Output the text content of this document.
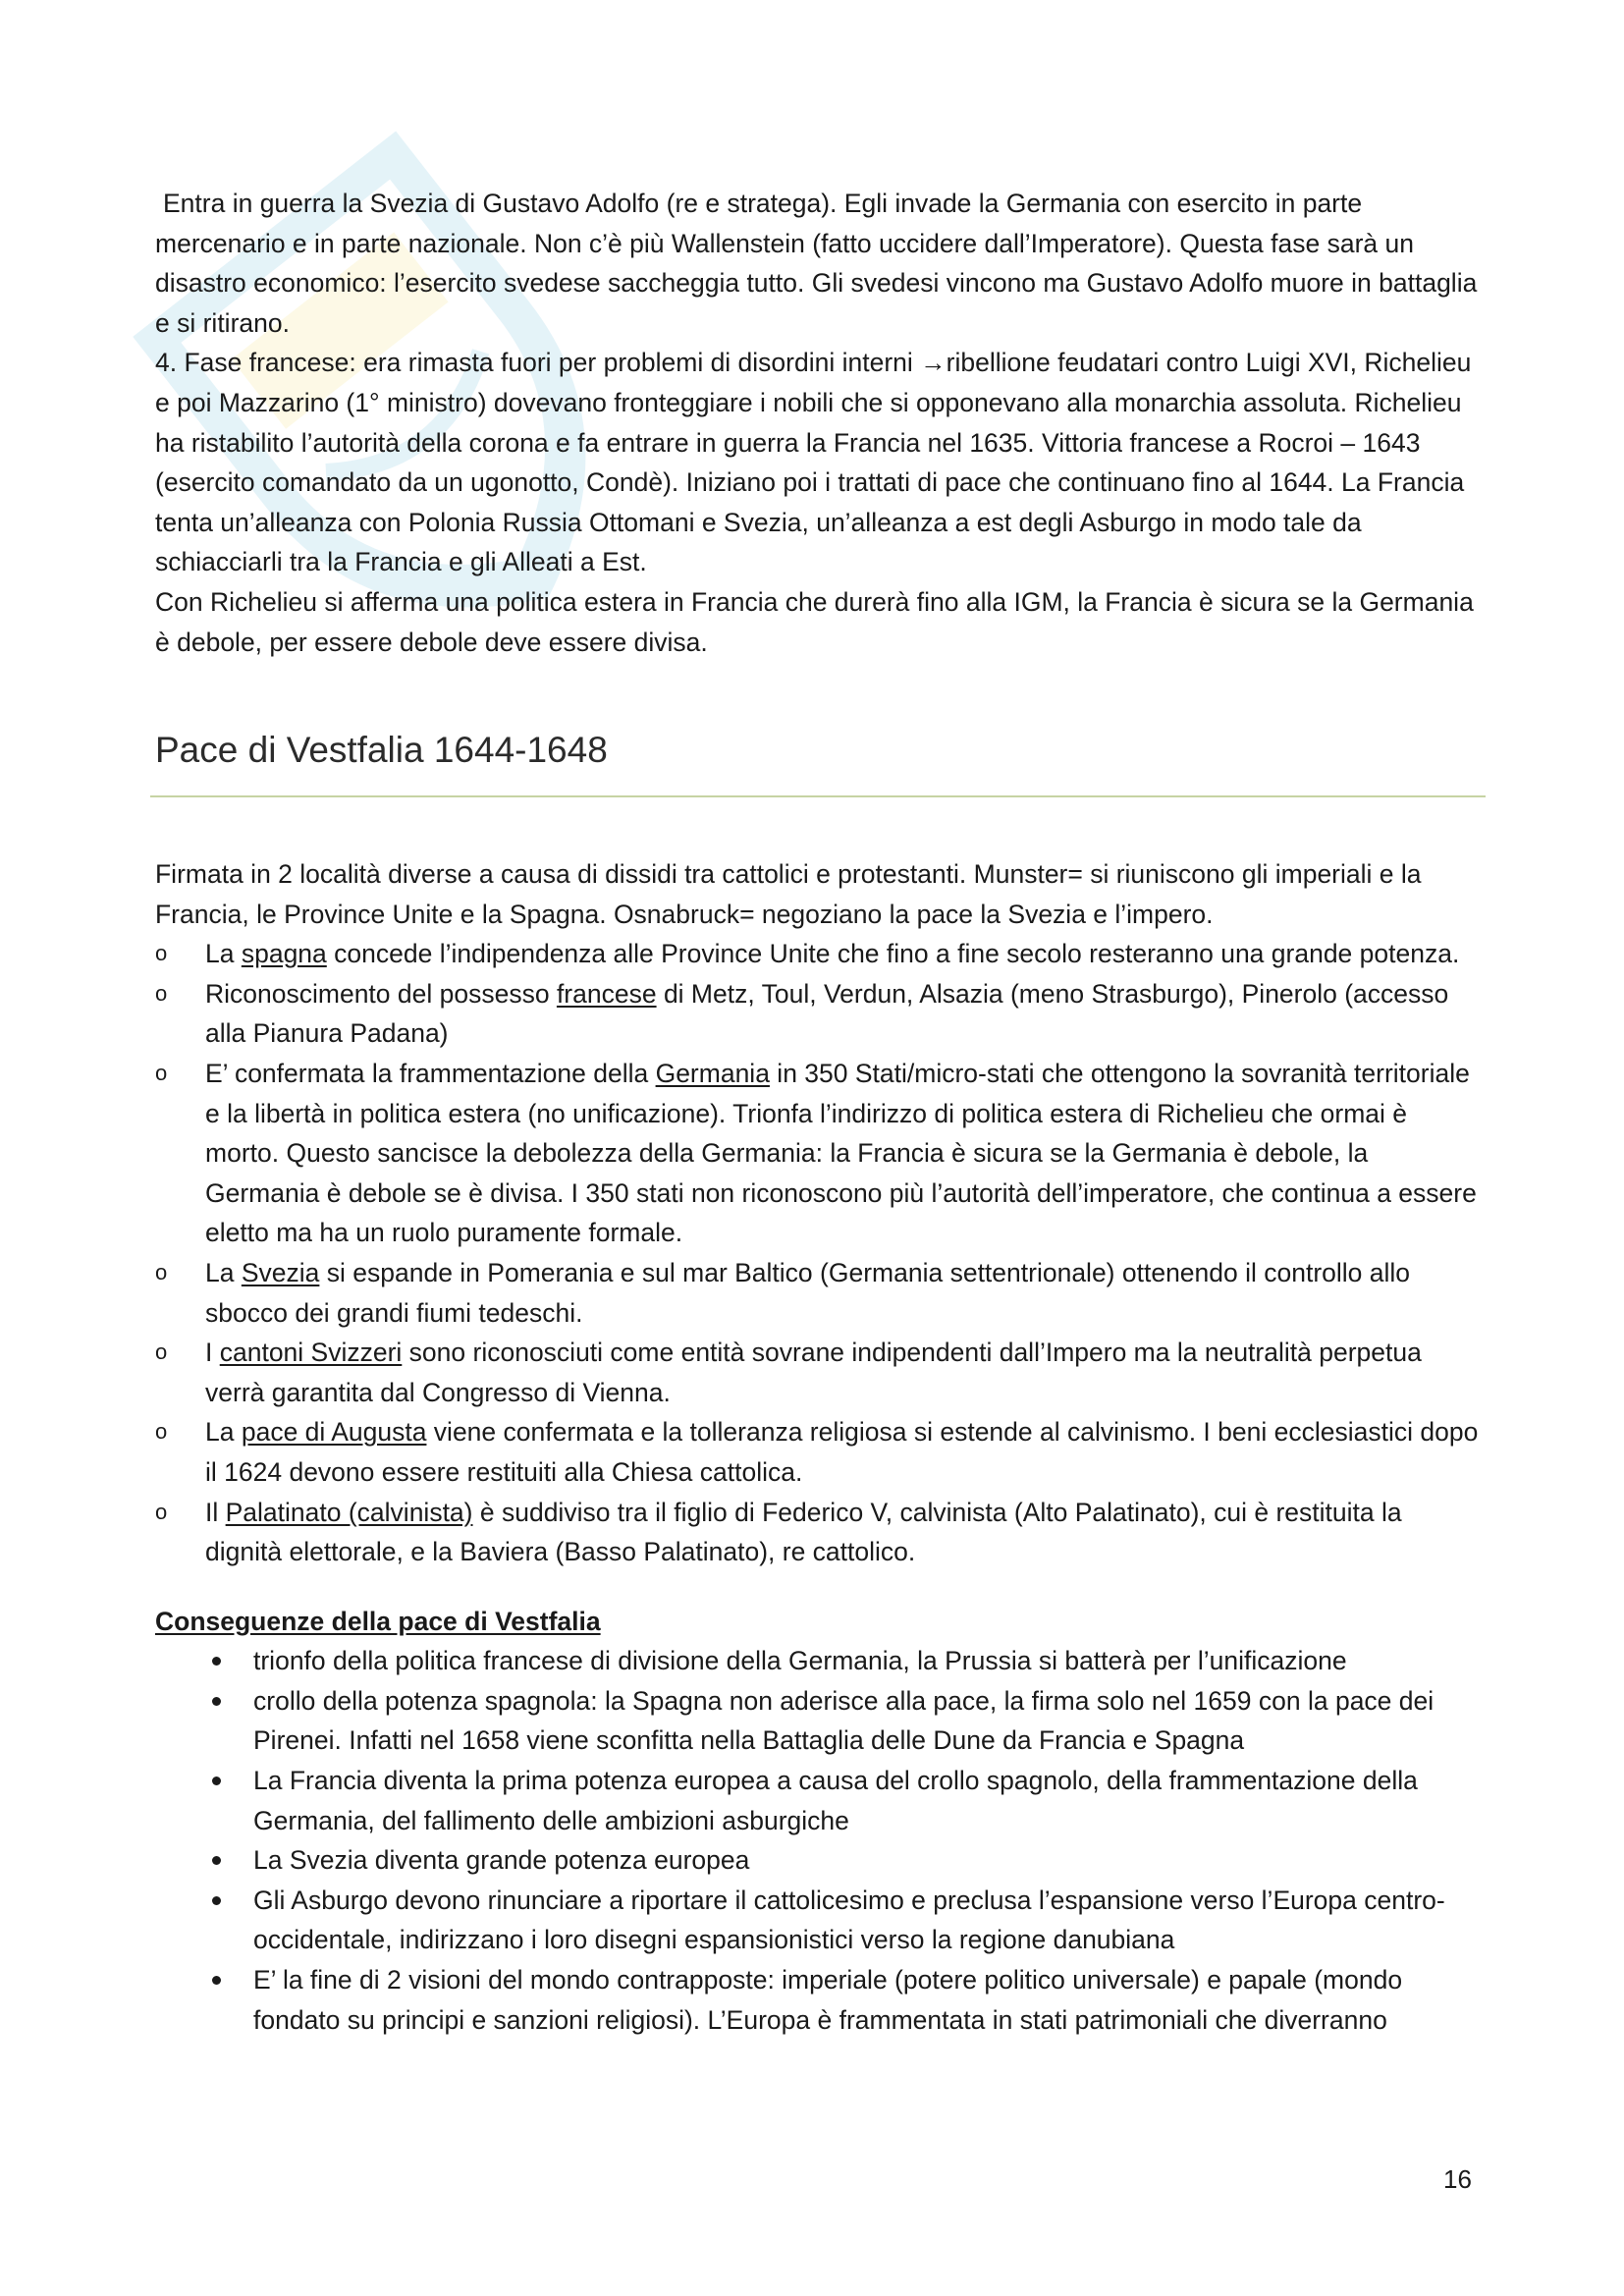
Entra in guerra la Svezia di Gustavo Adolfo (re e stratega). Egli invade la Germania con esercito in parte mercenario e in parte nazionale. Non c’è più Wallenstein (fatto uccidere dall’Imperatore). Questa fase sarà un disastro economico: l’esercito svedese saccheggia tutto. Gli svedesi vincono ma Gustavo Adolfo muore in battaglia e si ritirano.

4. Fase francese: era rimasta fuori per problemi di disordini interni →ribellione feudatari contro Luigi XVI, Richelieu e poi Mazzarino (1° ministro) dovevano fronteggiare i nobili che si opponevano alla monarchia assoluta. Richelieu ha ristabilito l’autorità della corona e fa entrare in guerra la Francia nel 1635. Vittoria francese a Rocroi – 1643 (esercito comandato da un ugonotto, Condè). Iniziano poi i trattati di pace che continuano fino al 1644. La Francia tenta un’alleanza con Polonia Russia Ottomani e Svezia, un’alleanza a est degli Asburgo in modo tale da schiacciarli tra la Francia e gli Alleati a Est.

Con Richelieu si afferma una politica estera in Francia che durerà fino alla IGM, la Francia è sicura se la Germania è debole, per essere debole deve essere divisa.

Pace di Vestfalia 1644-1648

Firmata in 2 località diverse a causa di dissidi tra cattolici e protestanti. Munster= si riuniscono gli imperiali e la Francia, le Province Unite e la Spagna. Osnabruck= negoziano la pace la Svezia e l’impero.

o La spagna concede l’indipendenza alle Province Unite che fino a fine secolo resteranno una grande potenza.
o Riconoscimento del possesso francese di Metz, Toul, Verdun, Alsazia (meno Strasburgo), Pinerolo (accesso alla Pianura Padana)
o E’ confermata la frammentazione della Germania in 350 Stati/micro-stati che ottengono la sovranità territoriale e la libertà in politica estera (no unificazione). Trionfa l’indirizzo di politica estera di Richelieu che ormai è morto. Questo sancisce la debolezza della Germania: la Francia è sicura se la Germania è debole, la Germania è debole se è divisa. I 350 stati non riconoscono più l’autorità dell’imperatore, che continua a essere eletto ma ha un ruolo puramente formale.
o La Svezia si espande in Pomerania e sul mar Baltico (Germania settentrionale) ottenendo il controllo allo sbocco dei grandi fiumi tedeschi.
o I cantoni Svizzeri sono riconosciuti come entità sovrane indipendenti dall’Impero ma la neutralità perpetua verrà garantita dal Congresso di Vienna.
o La pace di Augusta viene confermata e la tolleranza religiosa si estende al calvinismo. I beni ecclesiastici dopo il 1624 devono essere restituiti alla Chiesa cattolica.
o Il Palatinato (calvinista) è suddiviso tra il figlio di Federico V, calvinista (Alto Palatinato), cui è restituita la dignità elettorale, e la Baviera (Basso Palatinato), re cattolico.

Conseguenze della pace di Vestfalia

trionfo della politica francese di divisione della Germania, la Prussia si batterà per l’unificazione
crollo della potenza spagnola: la Spagna non aderisce alla pace, la firma solo nel 1659 con la pace dei Pirenei. Infatti nel 1658 viene sconfitta nella Battaglia delle Dune da Francia e Spagna
La Francia diventa la prima potenza europea a causa del crollo spagnolo, della frammentazione della Germania, del fallimento delle ambizioni asburgiche
La Svezia diventa grande potenza europea
Gli Asburgo devono rinunciare a riportare il cattolicesimo e preclusa l’espansione verso l’Europa centro-occidentale, indirizzano i loro disegni espansionistici verso la regione danubiana
E’ la fine di 2 visioni del mondo contrapposte: imperiale (potere politico universale) e papale (mondo fondato su principi e sanzioni religiosi). L’Europa è frammentata in stati patrimoniali che diverranno
16
